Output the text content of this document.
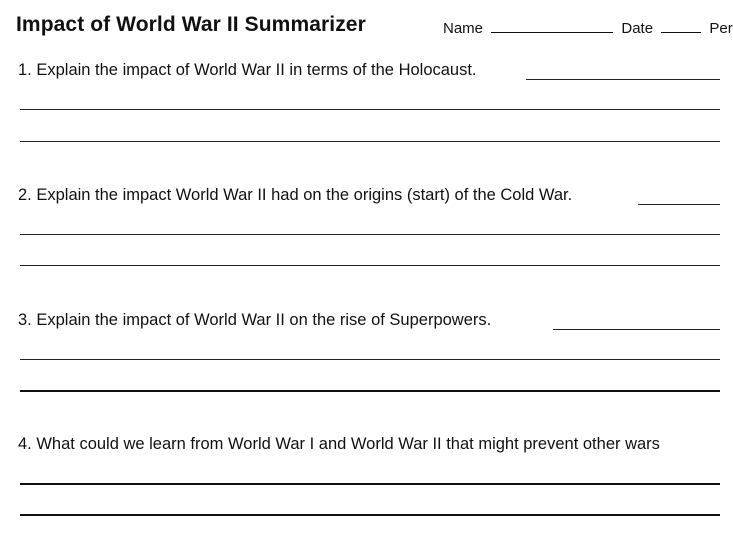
Impact of World War II Summarizer	Name	Date	Per
1. Explain the impact of World War II in terms of the Holocaust.
2. Explain the impact World War II had on the origins (start) of the Cold War.
3. Explain the impact of World War II on the rise of Superpowers.
4. What could we learn from World War I and World War II that might prevent other wars
